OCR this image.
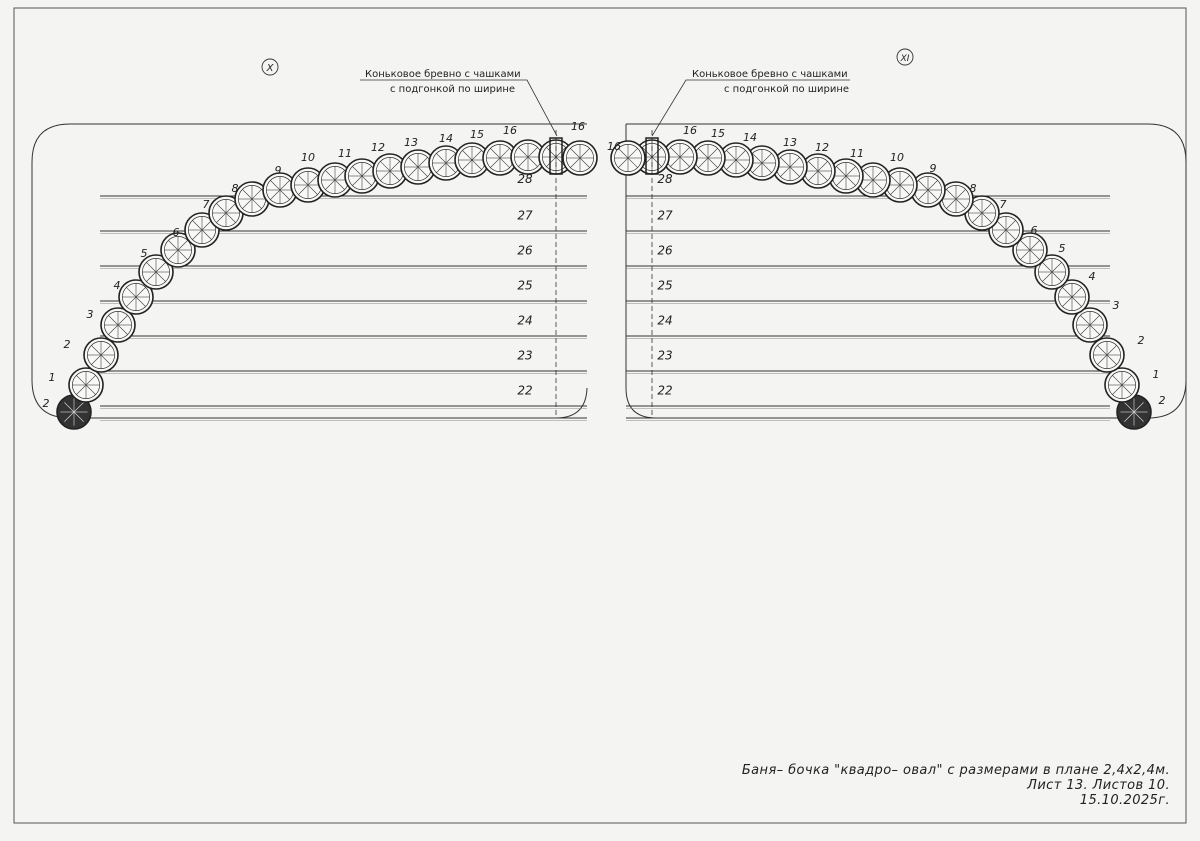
Коньковое бревно с чашками
с подгонкой по ширине
X
2
1
2
3
4
5
6
7
8
9
10 11 12 13 14 15 16	16
28
27
26
25
24
23
22
Коньковое бревно с чашками
с подгонкой по ширине
XI
16
16 15 14 13 12 11 10
9
8
7
6
5
4
3
2
1
2
28
27
26
25
24
23
22
Баня– бочка "квадро– овал" с размерами в плане 2,4х2,4м.
Лист 13. Листов 10.
15.10.2025г.
